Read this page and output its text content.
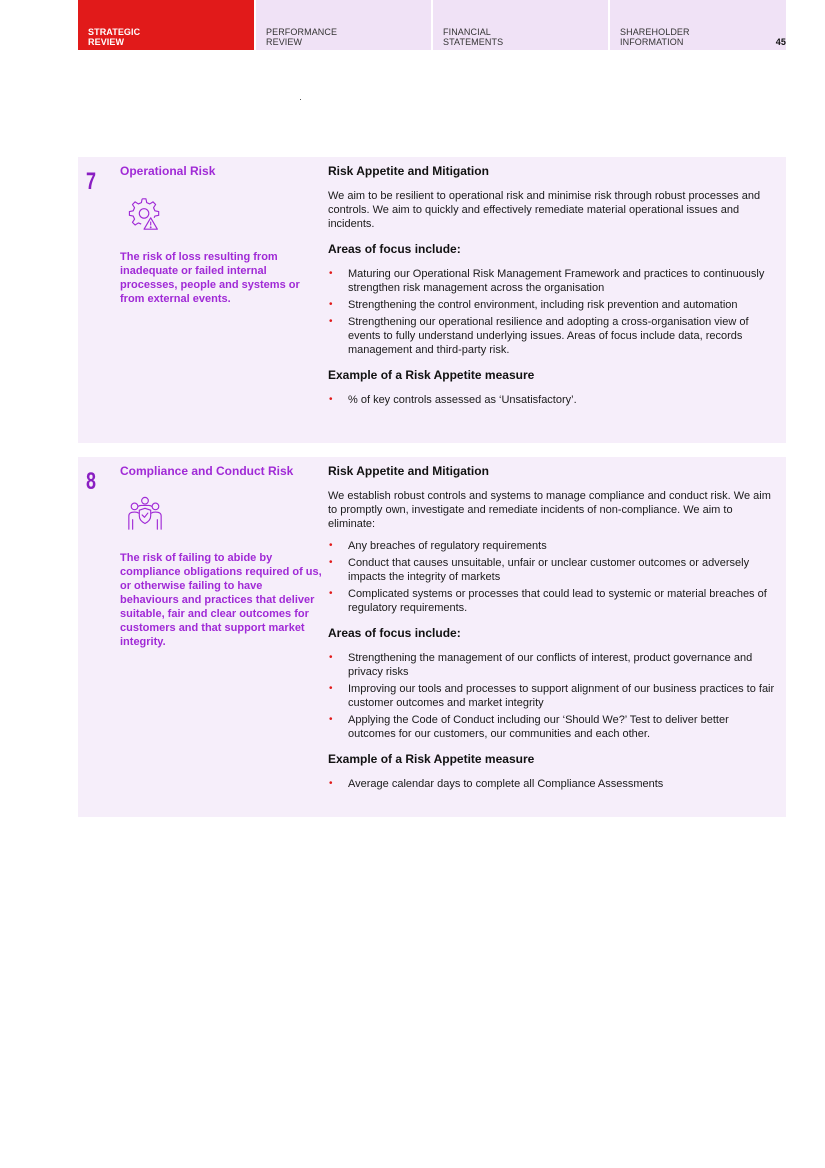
STRATEGIC
REVIEW
PERFORMANCE
REVIEW
FINANCIAL
STATEMENTS
SHAREHOLDER
INFORMATION	45
7 Operational Risk
The risk of loss resulting from inadequate or failed internal processes, people and systems or from external events.
Risk Appetite and Mitigation

We aim to be resilient to operational risk and minimise risk through robust processes and controls. We aim to quickly and effectively remediate material operational issues and incidents.

Areas of focus include:
• Maturing our Operational Risk Management Framework and practices to continuously strengthen risk management across the organisation
• Strengthening the control environment, including risk prevention and automation
• Strengthening our operational resilience and adopting a cross-organisation view of events to fully understand underlying issues. Areas of focus include data, records management and third-party risk.
Example of a Risk Appetite measure
• % of key controls assessed as ‘Unsatisfactory’.
8 Compliance and Conduct Risk
The risk of failing to abide by compliance obligations required of us, or otherwise failing to have behaviours and practices that deliver suitable, fair and clear outcomes for customers and that support market integrity.
Risk Appetite and Mitigation

We establish robust controls and systems to manage compliance and conduct risk. We aim to promptly own, investigate and remediate incidents of non-compliance. We aim to eliminate:

• Any breaches of regulatory requirements
• Conduct that causes unsuitable, unfair or unclear customer outcomes or adversely impacts the integrity of markets
• Complicated systems or processes that could lead to systemic or material breaches of regulatory requirements.
Areas of focus include:
• Strengthening the management of our conflicts of interest, product governance and privacy risks
• Improving our tools and processes to support alignment of our business practices to fair customer outcomes and market integrity
• Applying the Code of Conduct including our ‘Should We?’ Test to deliver better outcomes for our customers, our communities and each other.
Example of a Risk Appetite measure
• Average calendar days to complete all Compliance Assessments
